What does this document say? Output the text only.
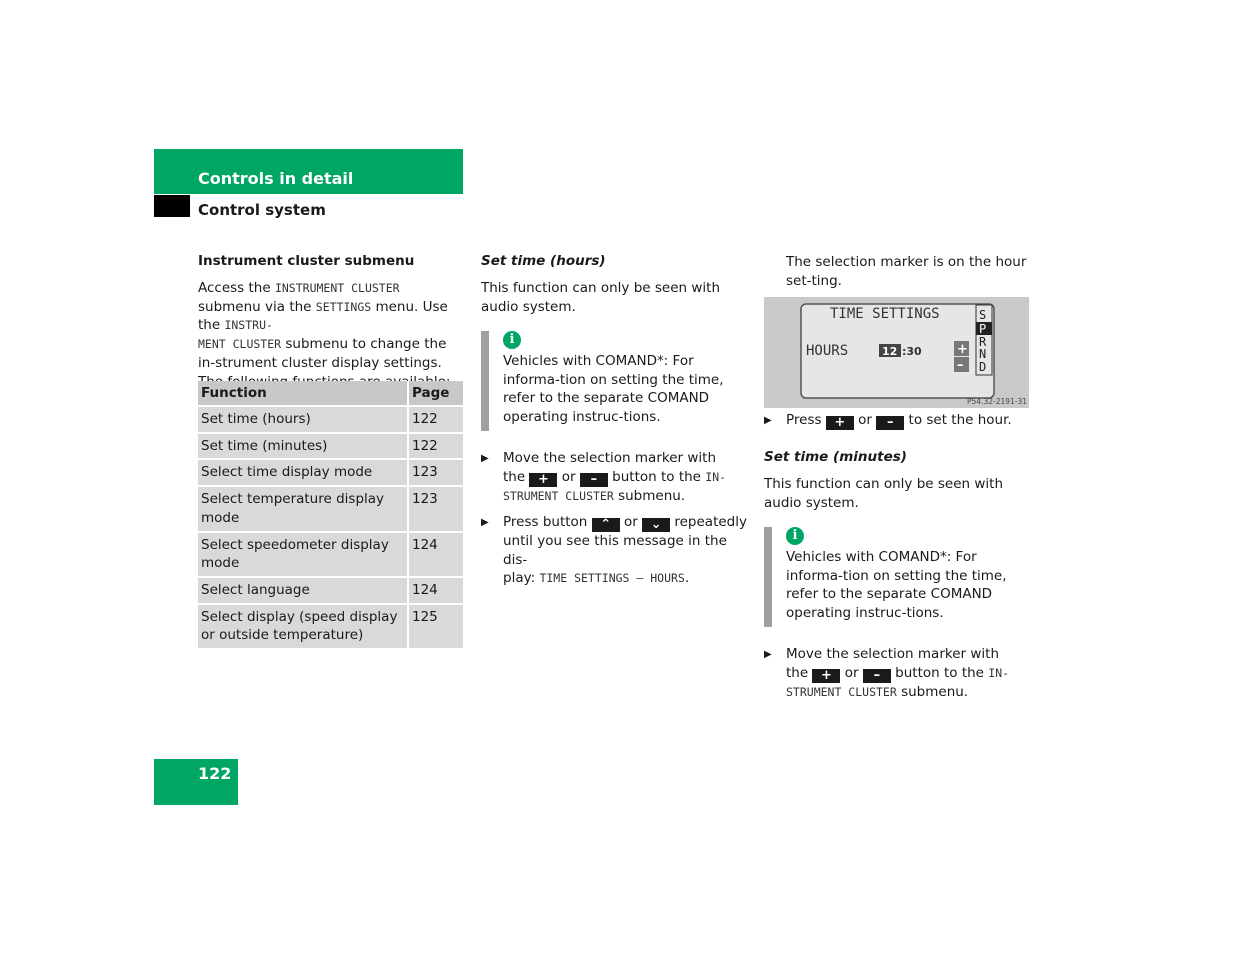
Controls in detail
Control system
Instrument cluster submenu
Access the INSTRUMENT CLUSTER submenu via the SETTINGS menu. Use the INSTRU-
MENT CLUSTER submenu to change the in-strument cluster display settings.
Function	Page
Set time (hours)	122
Set time (minutes)	122
Select time display mode	123
Select temperature display mode	123
Select speedometer display mode	124
Select language	124
Select display (speed display or outside temperature)	125
Set time (hours)
This function can only be seen with audio system.
i
Vehicles with COMAND*: For informa-tion on setting the time, refer to the separate COMAND operating instruc-tions.
▶ Move the selection marker with
the + or – button to the IN-
STRUMENT CLUSTER submenu.
▶ Press button ⌃ or ⌄ repeatedly
until you see this message in the dis-
play: TIME SETTINGS – HOURS.
The selection marker is on the hour set-ting.
TIME SETTINGS
HOURS	12 :30	+
–
S
P
R
N
D
P54.32-2191-31
▶ Press + or – to set the hour.
Set time (minutes)
This function can only be seen with audio system.
i
Vehicles with COMAND*: For informa-tion on setting the time, refer to the separate COMAND operating instruc-tions.
▶ Move the selection marker with
the + or – button to the IN-
STRUMENT CLUSTER submenu.
122
